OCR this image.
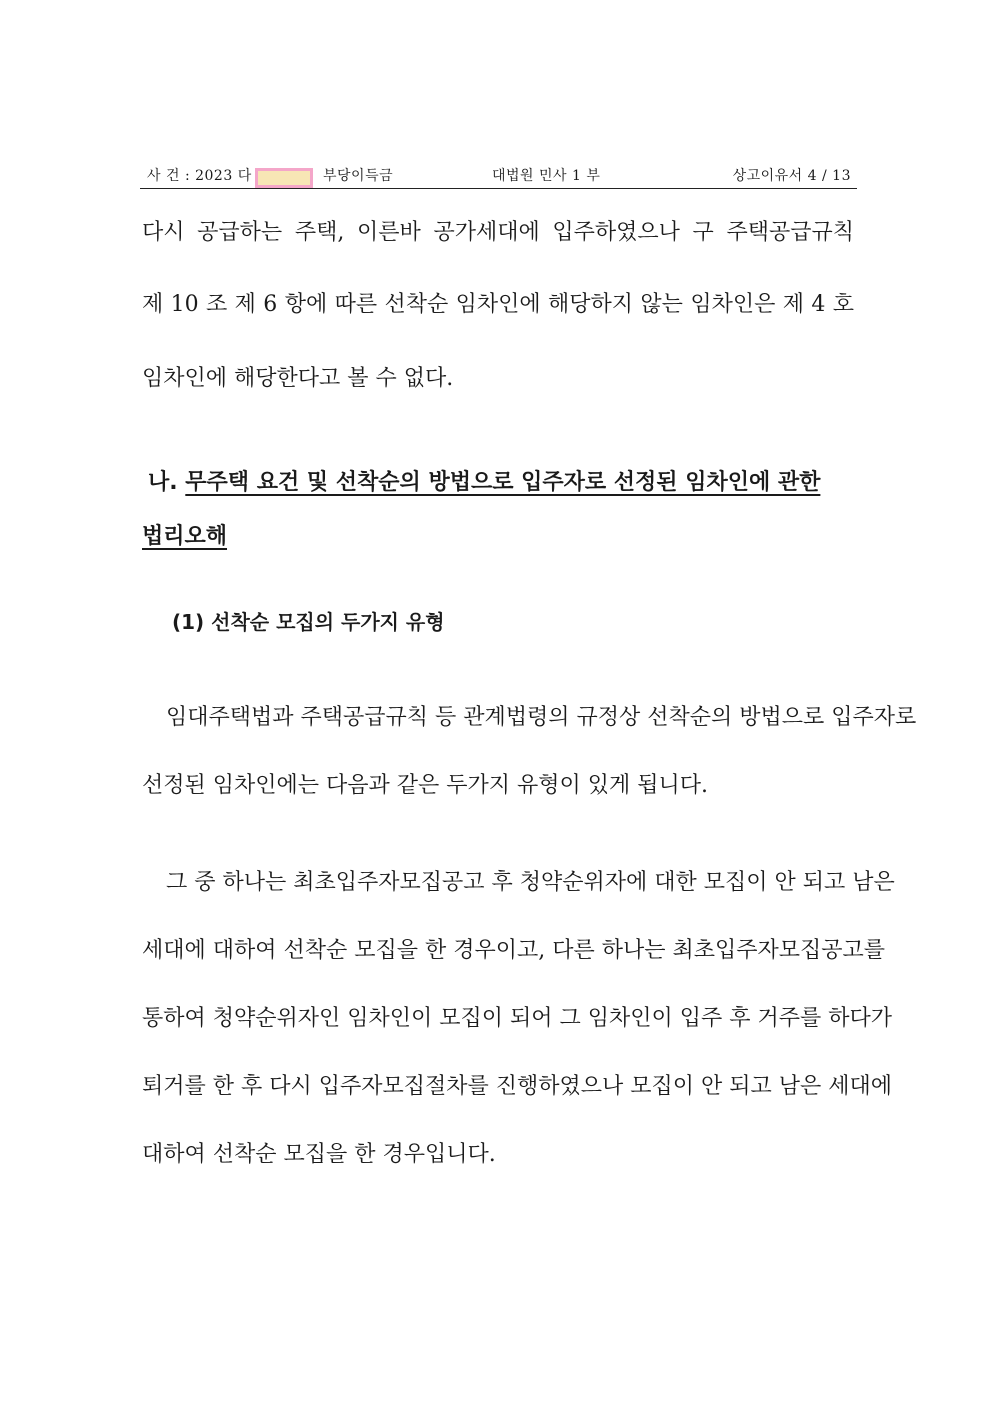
사 건 : 2023 다	부당이득금	대법원 민사 1 부	상고이유서 4 / 13
다시 공급하는 주택, 이른바 공가세대에 입주하였으나 구 주택공급규칙
제 10 조 제 6 항에 따른 선착순 임차인에 해당하지 않는 임차인은 제 4 호
임차인에 해당한다고 볼 수 없다.
나. 무주택 요건 및 선착순의 방법으로 입주자로 선정된 임차인에 관한
법리오해
(1) 선착순 모집의 두가지 유형
임대주택법과 주택공급규칙 등 관계법령의 규정상 선착순의 방법으로 입주자로
선정된 임차인에는 다음과 같은 두가지 유형이 있게 됩니다.
그 중 하나는 최초입주자모집공고 후 청약순위자에 대한 모집이 안 되고 남은
세대에 대하여 선착순 모집을 한 경우이고, 다른 하나는 최초입주자모집공고를
통하여 청약순위자인 임차인이 모집이 되어 그 임차인이 입주 후 거주를 하다가
퇴거를 한 후 다시 입주자모집절차를 진행하였으나 모집이 안 되고 남은 세대에
대하여 선착순 모집을 한 경우입니다.
